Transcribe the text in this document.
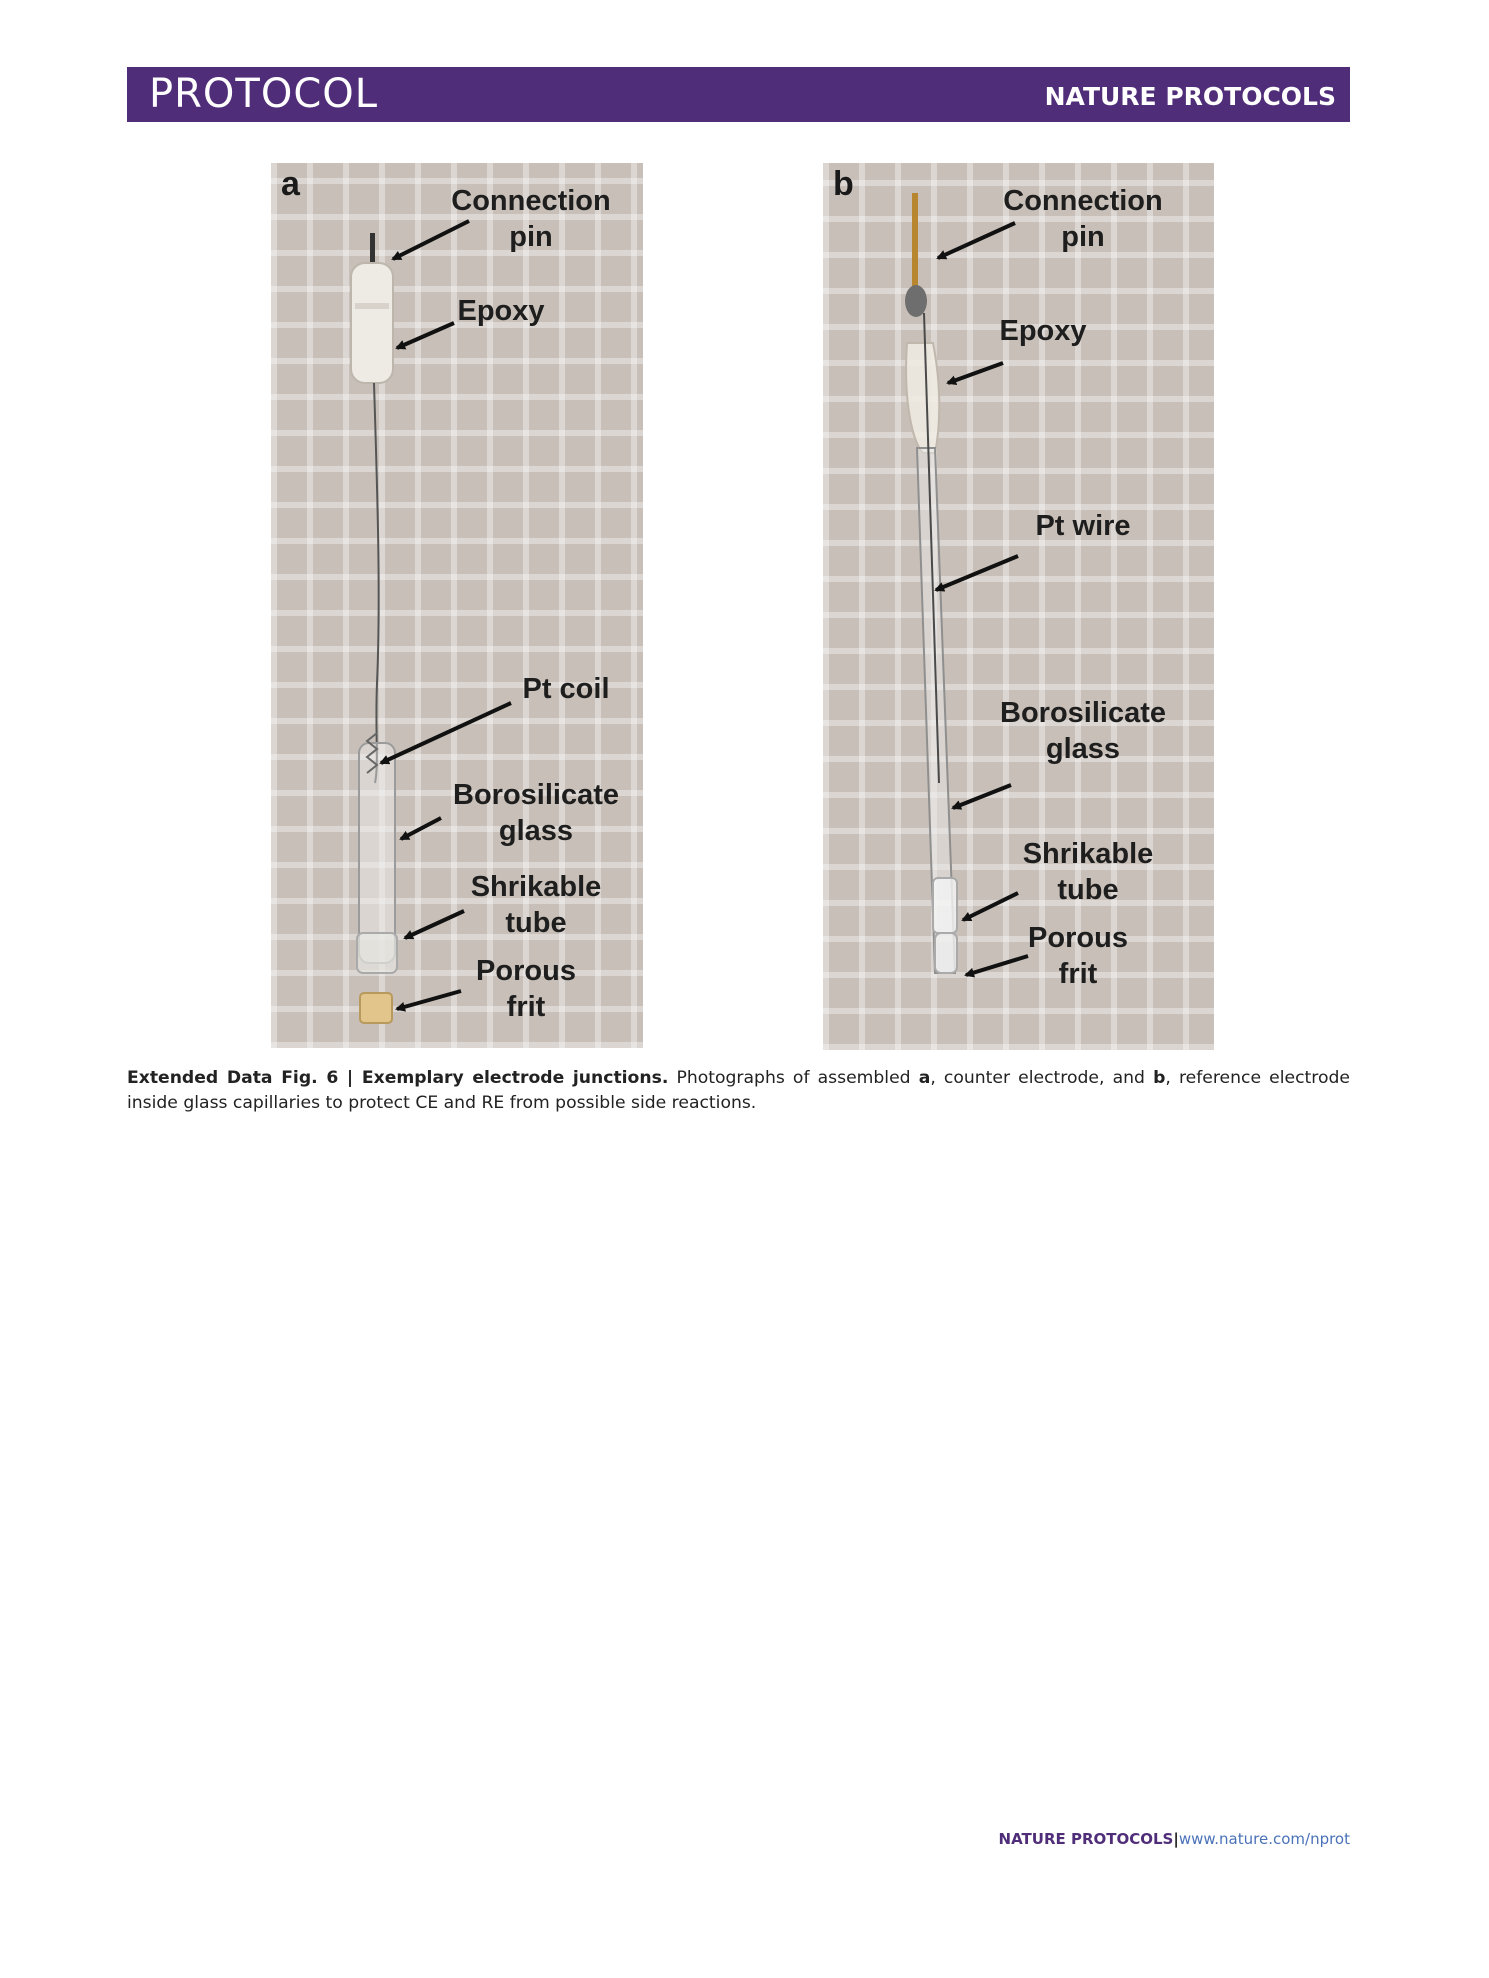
PROTOCOL	NATURE PROTOCOLS
a	Connection
pin
Epoxy
Pt coil
Borosilicate
glass
Shrikable
tube
Porous
frit
b	Connection
pin
Epoxy
Pt wire
Borosilicate
glass
Shrikable
tube
Porous
frit
Extended Data Fig. 6 | Exemplary electrode junctions. Photographs of assembled a, counter electrode, and b, reference electrode inside glass capillaries to protect CE and RE from possible side reactions.
NATURE PROTOCOLS|www.nature.com/nprot
